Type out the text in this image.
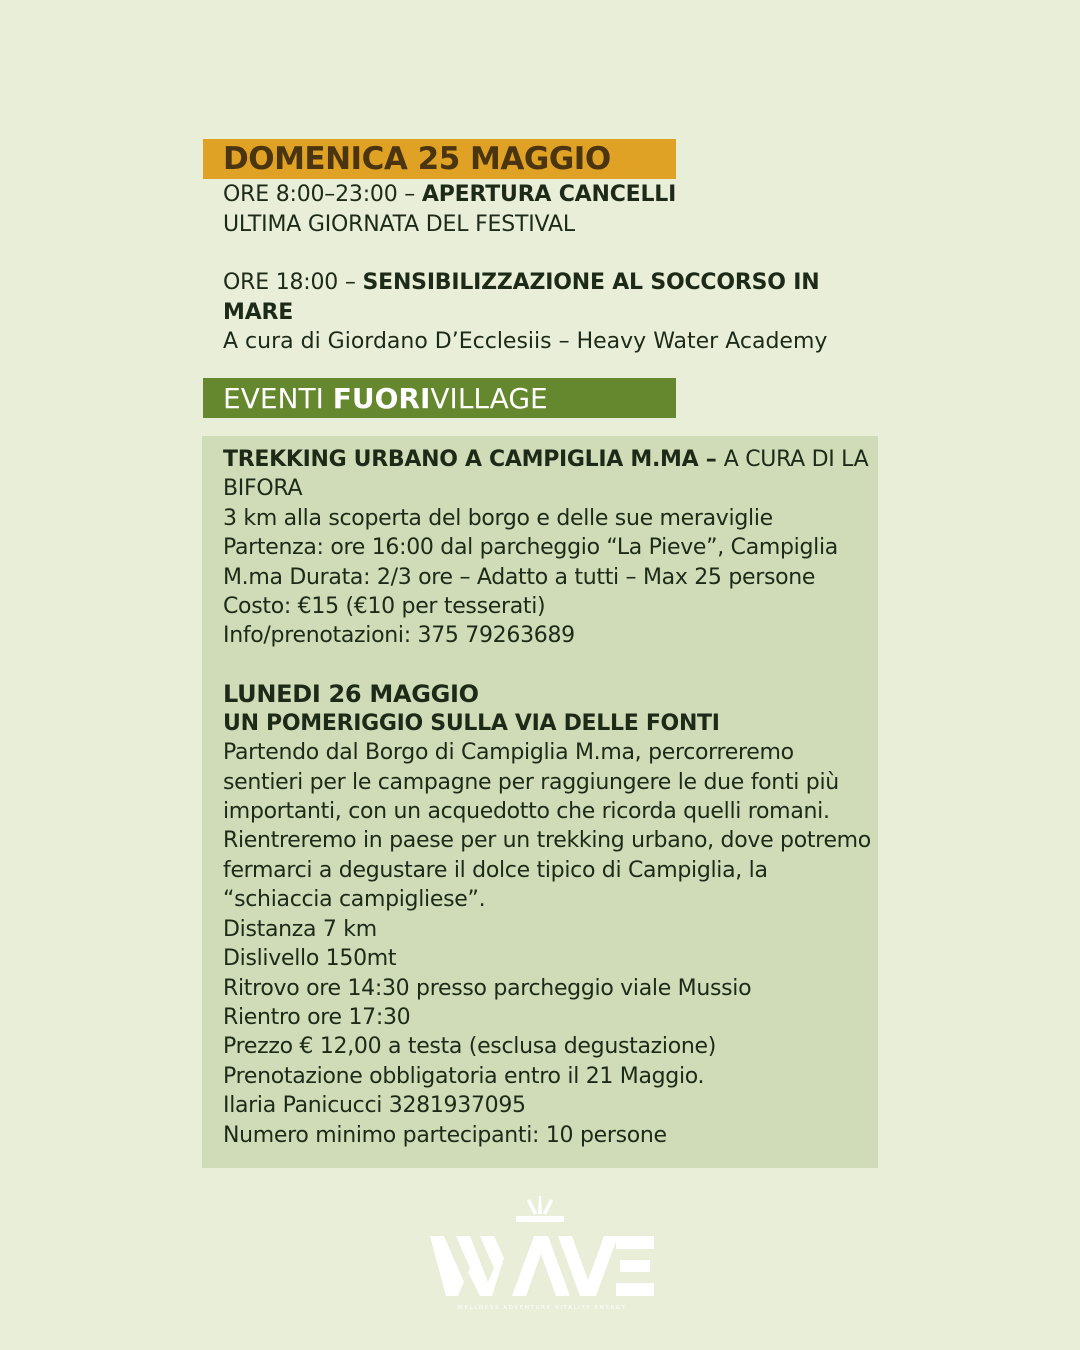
DOMENICA 25 MAGGIO

ORE 8:00–23:00 – APERTURA CANCELLI

ULTIMA GIORNATA DEL FESTIVAL

ORE 18:00 – SENSIBILIZZAZIONE AL SOCCORSO IN MARE

A cura di Giordano D’Ecclesiis – Heavy Water Academy

EVENTI FUORI VILLAGE

TREKKING URBANO A CAMPIGLIA M.MA – A CURA DI LA BIFORA

3 km alla scoperta del borgo e delle sue meraviglie

Partenza: ore 16:00 dal parcheggio “La Pieve”, Campiglia M.ma Durata: 2/3 ore – Adatto a tutti – Max 25 persone

Costo: €15 (€10 per tesserati)

Info/prenotazioni: 375 79263689

LUNEDI 26 MAGGIO

UN POMERIGGIO SULLA VIA DELLE FONTI

Partendo dal Borgo di Campiglia M.ma, percorreremo sentieri per le campagne per raggiungere le due fonti più importanti, con un acquedotto che ricorda quelli romani. Rientreremo in paese per un trekking urbano, dove potremo fermarci a degustare il dolce tipico di Campiglia, la “schiaccia campigliese”.

Distanza 7 km

Dislivello 150mt

Ritrovo ore 14:30 presso parcheggio viale Mussio

Rientro ore 17:30

Prezzo € 12,00 a testa (esclusa degustazione)

Prenotazione obbligatoria entro il 21 Maggio.

Ilaria Panicucci 3281937095

Numero minimo partecipanti: 10 persone

WELLNESS ADVENTURE VITALITY ENERGY
